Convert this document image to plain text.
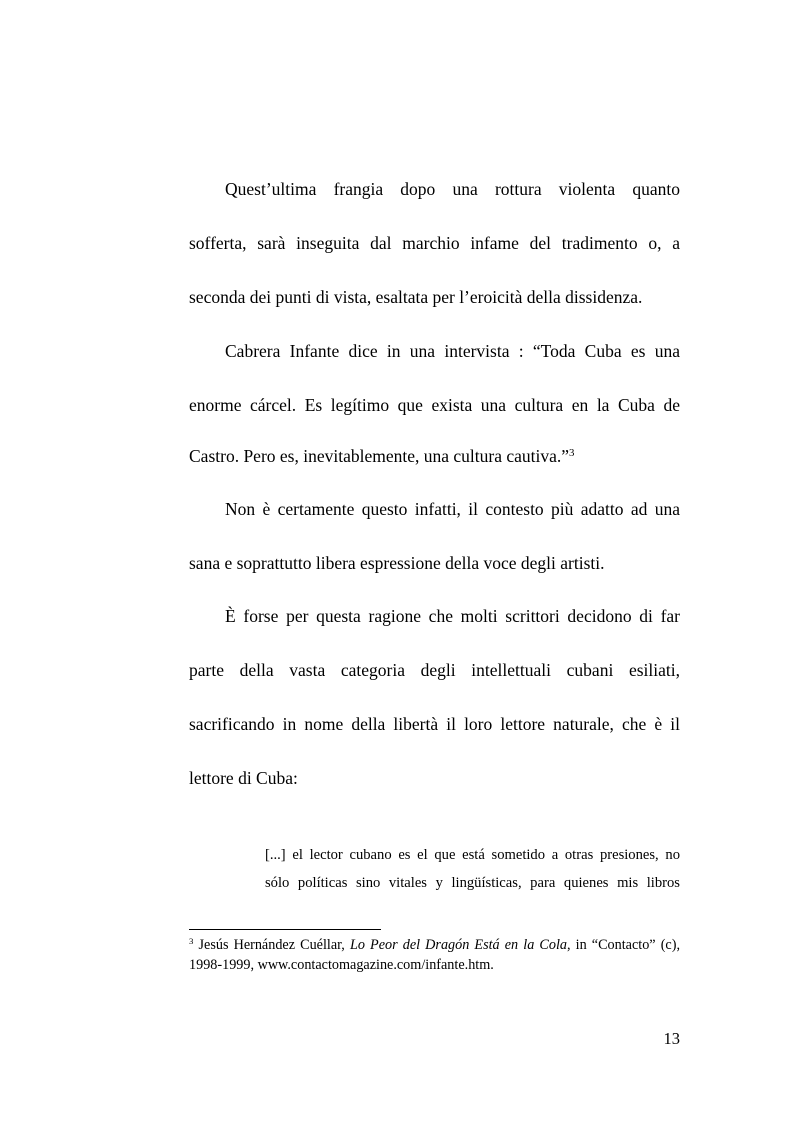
Quest’ultima frangia dopo una rottura violenta quanto
sofferta, sarà inseguita dal marchio infame del tradimento o, a
seconda dei punti di vista, esaltata per l’eroicità della dissidenza.
Cabrera Infante dice in una intervista : “Toda Cuba es una
enorme cárcel. Es legítimo que exista una cultura en la Cuba de
Castro. Pero es, inevitablemente, una cultura cautiva.”$^3$
Non è certamente questo infatti, il contesto più adatto ad una
sana e soprattutto libera espressione della voce degli artisti.
È forse per questa ragione che molti scrittori decidono di far
parte della vasta categoria degli intellettuali cubani esiliati,
sacrificando in nome della libertà il loro lettore naturale, che è il
lettore di Cuba:
[...] el lector cubano es el que está sometido a otras presiones, no
sólo políticas sino vitales y lingüísticas, para quienes mis libros
$^3$ Jesús Hernández Cuéllar, Lo Peor del Dragón Está en la Cola, in “Contacto” (c),
1998-1999, www.contactomagazine.com/infante.htm.
13
